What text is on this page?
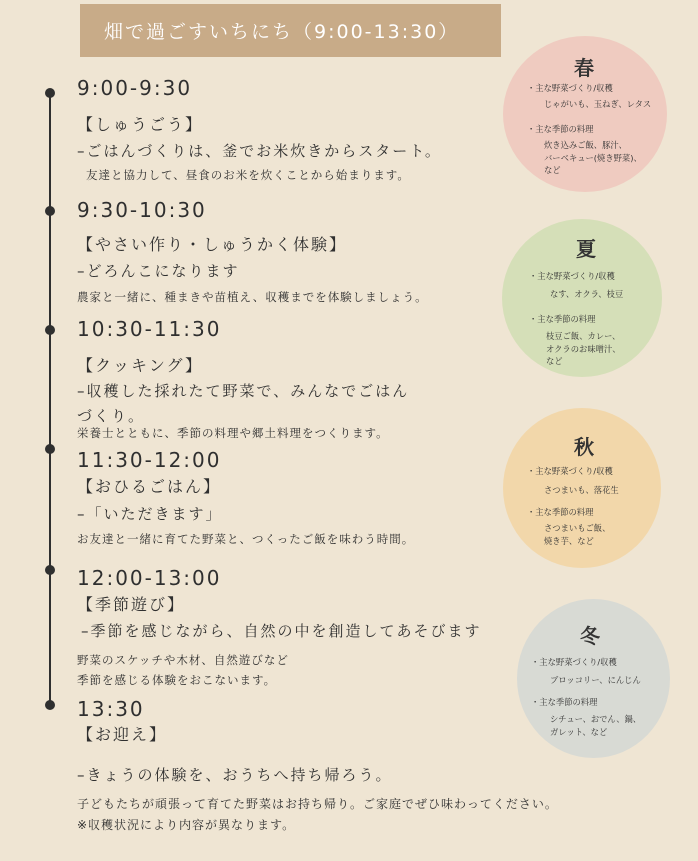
畑で過ごすいちにち（9:00-13:30）
9:00-9:30
【しゅうごう】
–ごはんづくりは、釜でお米炊きからスタート。
友達と協力して、昼食のお米を炊くことから始まります。
9:30-10:30
【やさい作り・しゅうかく体験】
–どろんこになります
農家と一緒に、種まきや苗植え、収穫までを体験しましょう。
10:30-11:30
【クッキング】
–収穫した採れたて野菜で、みんなでごはん
づくり。
栄養士とともに、季節の料理や郷土料理をつくります。
11:30-12:00
【おひるごはん】
–「いただきます」
お友達と一緒に育てた野菜と、つくったご飯を味わう時間。
12:00-13:00
【季節遊び】
–季節を感じながら、自然の中を創造してあそびます
野菜のスケッチや木材、自然遊びなど
季節を感じる体験をおこないます。
13:30
【お迎え】
–きょうの体験を、おうちへ持ち帰ろう。
子どもたちが頑張って育てた野菜はお持ち帰り。ご家庭でぜひ味わってください。
※収穫状況により内容が異なります。
春
・主な野菜づくり/収穫
じゃがいも、玉ねぎ、レタス
・主な季節の料理
炊き込みご飯、豚汁、
バーベキュー(焼き野菜)、
など
夏
・主な野菜づくり/収穫
なす、オクラ、枝豆
・主な季節の料理
枝豆ご飯、カレー、
オクラのお味噌汁、
など
秋
・主な野菜づくり/収穫
さつまいも、落花生
・主な季節の料理
さつまいもご飯、
焼き芋、など
冬
・主な野菜づくり/収穫
ブロッコリー、にんじん
・主な季節の料理
シチュー、おでん、鍋、
ガレット、など
